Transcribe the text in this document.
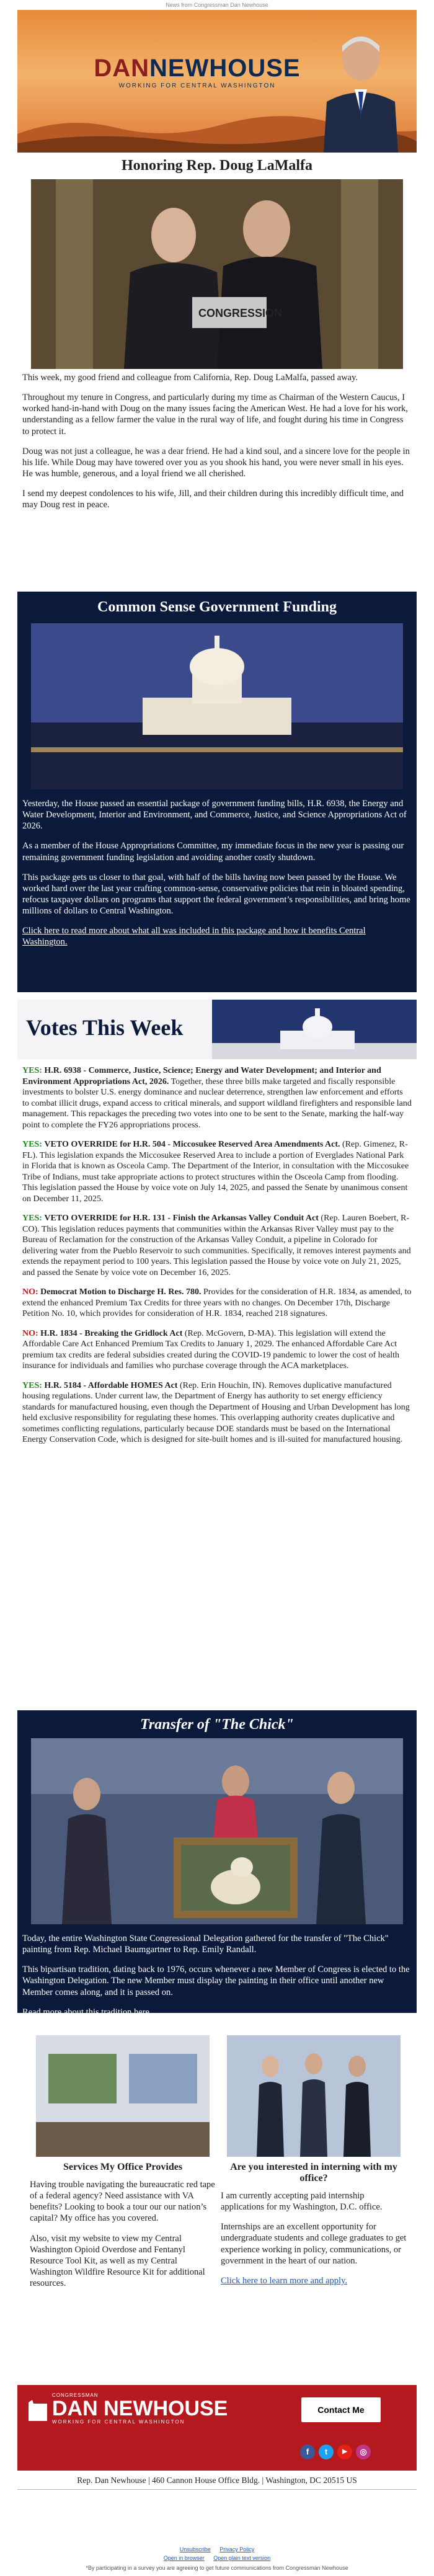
News from Congressman Dan Newhouse
DANNEWHOUSE
WORKING FOR CENTRAL WASHINGTON
Honoring Rep. Doug LaMalfa
CONGRESSION

This week, my good friend and colleague from California, Rep. Doug LaMalfa, passed away.

Throughout my tenure in Congress, and particularly during my time as Chairman of the Western Caucus, I worked hand-in-hand with Doug on the many issues facing the American West. He had a love for his work, understanding as a fellow farmer the value in the rural way of life, and fought during his time in Congress to protect it.

Doug was not just a colleague, he was a dear friend. He had a kind soul, and a sincere love for the people in his life. While Doug may have towered over you as you shook his hand, you were never small in his eyes. He was humble, generous, and a loyal friend we all cherished.

I send my deepest condolences to his wife, Jill, and their children during this incredibly difficult time, and may Doug rest in peace.

Common Sense Government Funding

Yesterday, the House passed an essential package of government funding bills, H.R. 6938, the Energy and Water Development, Interior and Environment, and Commerce, Justice, and Science Appropriations Act of 2026.

As a member of the House Appropriations Committee, my immediate focus in the new year is passing our remaining government funding legislation and avoiding another costly shutdown.

This package gets us closer to that goal, with half of the bills having now been passed by the House. We worked hard over the last year crafting common-sense, conservative policies that rein in bloated spending, refocus taxpayer dollars on programs that support the federal government’s responsibilities, and bring home millions of dollars to Central Washington.

Click here to read more about what all was included in this package and how it benefits Central Washington.

Votes This Week

YES: H.R. 6938 - Commerce, Justice, Science; Energy and Water Development; and Interior and Environment Appropriations Act, 2026. Together, these three bills make targeted and fiscally responsible investments to bolster U.S. energy dominance and nuclear deterrence, strengthen law enforcement and efforts to combat illicit drugs, expand access to critical minerals, and support wildland firefighters and responsible land management. This repackages the preceding two votes into one to be sent to the Senate, marking the half-way point to complete the FY26 appropriations process.

YES: VETO OVERRIDE for H.R. 504 - Miccosukee Reserved Area Amendments Act. (Rep. Gimenez, R-FL). This legislation expands the Miccosukee Reserved Area to include a portion of Everglades National Park in Florida that is known as Osceola Camp. The Department of the Interior, in consultation with the Miccosukee Tribe of Indians, must take appropriate actions to protect structures within the Osceola Camp from flooding. This legislation passed the House by voice vote on July 14, 2025, and passed the Senate by unanimous consent on December 11, 2025.

YES: VETO OVERRIDE for H.R. 131 - Finish the Arkansas Valley Conduit Act (Rep. Lauren Boebert, R-CO). This legislation reduces payments that communities within the Arkansas River Valley must pay to the Bureau of Reclamation for the construction of the Arkansas Valley Conduit, a pipeline in Colorado for delivering water from the Pueblo Reservoir to such communities. Specifically, it removes interest payments and extends the repayment period to 100 years. This legislation passed the House by voice vote on July 21, 2025, and passed the Senate by voice vote on December 16, 2025.

NO: Democrat Motion to Discharge H. Res. 780. Provides for the consideration of H.R. 1834, as amended, to extend the enhanced Premium Tax Credits for three years with no changes. On December 17th, Discharge Petition No. 10, which provides for consideration of H.R. 1834, reached 218 signatures.

NO: H.R. 1834 - Breaking the Gridlock Act (Rep. McGovern, D-MA). This legislation will extend the Affordable Care Act Enhanced Premium Tax Credits to January 1, 2029. The enhanced Affordable Care Act premium tax credits are federal subsidies created during the COVID-19 pandemic to lower the cost of health insurance for individuals and families who purchase coverage through the ACA marketplaces.

YES: H.R. 5184 - Affordable HOMES Act (Rep. Erin Houchin, IN). Removes duplicative manufactured housing regulations. Under current law, the Department of Energy has authority to set energy efficiency standards for manufactured housing, even though the Department of Housing and Urban Development has long held exclusive responsibility for regulating these homes. This overlapping authority creates duplicative and sometimes conflicting regulations, particularly because DOE standards must be based on the International Energy Conservation Code, which is designed for site-built homes and is ill-suited for manufactured housing.

Transfer of "The Chick"

Today, the entire Washington State Congressional Delegation gathered for the transfer of "The Chick" painting from Rep. Michael Baumgartner to Rep. Emily Randall.

This bipartisan tradition, dating back to 1976, occurs whenever a new Member of Congress is elected to the Washington Delegation. The new Member must display the painting in their office until another new Member comes along, and it is passed on.

Read more about this tradition here.

Services My Office Provides

Having trouble navigating the bureaucratic red tape of a federal agency? Need assistance with VA benefits? Looking to book a tour our our nation’s capital? My office has you covered.

Also, visit my website to view my Central Washington Opioid Overdose and Fentanyl Resource Tool Kit, as well as my Central Washington Wildfire Resource Kit for additional resources.

Are you interested in interning with my office?

I am currently accepting paid internship applications for my Washington, D.C. office.

Internships are an excellent opportunity for undergraduate students and college graduates to get experience working in policy, communications, or government in the heart of our nation.

Click here to learn more and apply.

CONGRESSMAN
DAN NEWHOUSE
WORKING FOR CENTRAL WASHINGTON
Contact Me
f	t	▶	◎
Rep. Dan Newhouse | 460 Cannon House Office Bldg. | Washington, DC 20515 US
Unsubscribe Privacy Policy
Open in browser Open plain text version
*By participating in a survey you are agreeing to get future communications from Congressman Newhouse
